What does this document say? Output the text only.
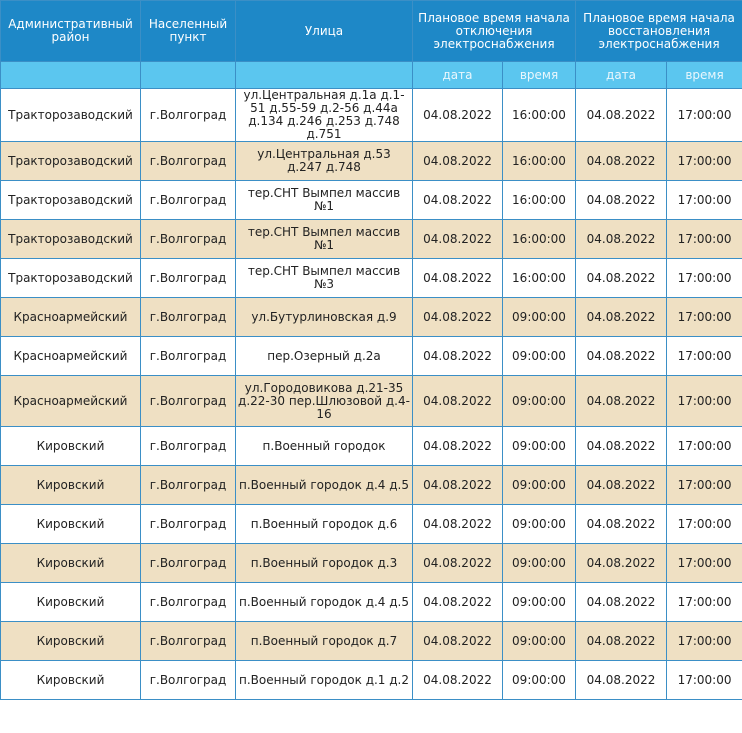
Административный район	Населенный пункт	Улица	Плановое время начала отключения электроснабжения		Плановое время начала восстановления электроснабжения	
			дата	время	дата	время
Тракторозаводский	г.Волгоград	ул.Центральная д.1а д.1-51 д.55-59 д.2-56 д.44а д.134 д.246 д.253 д.748 д.751	04.08.2022	16:00:00	04.08.2022	17:00:00
Тракторозаводский	г.Волгоград	ул.Центральная д.53 д.247 д.748	04.08.2022	16:00:00	04.08.2022	17:00:00
Тракторозаводский	г.Волгоград	тер.СНТ Вымпел массив №1	04.08.2022	16:00:00	04.08.2022	17:00:00
Тракторозаводский	г.Волгоград	тер.СНТ Вымпел массив №1	04.08.2022	16:00:00	04.08.2022	17:00:00
Тракторозаводский	г.Волгоград	тер.СНТ Вымпел массив №3	04.08.2022	16:00:00	04.08.2022	17:00:00
Красноармейский	г.Волгоград	ул.Бутурлиновская д.9	04.08.2022	09:00:00	04.08.2022	17:00:00
Красноармейский	г.Волгоград	пер.Озерный д.2а	04.08.2022	09:00:00	04.08.2022	17:00:00
Красноармейский	г.Волгоград	ул.Городовикова д.21-35 д.22-30 пер.Шлюзовой д.4-16	04.08.2022	09:00:00	04.08.2022	17:00:00
Кировский	г.Волгоград	п.Военный городок	04.08.2022	09:00:00	04.08.2022	17:00:00
Кировский	г.Волгоград	п.Военный городок д.4 д.5	04.08.2022	09:00:00	04.08.2022	17:00:00
Кировский	г.Волгоград	п.Военный городок д.6	04.08.2022	09:00:00	04.08.2022	17:00:00
Кировский	г.Волгоград	п.Военный городок д.3	04.08.2022	09:00:00	04.08.2022	17:00:00
Кировский	г.Волгоград	п.Военный городок д.4 д.5	04.08.2022	09:00:00	04.08.2022	17:00:00
Кировский	г.Волгоград	п.Военный городок д.7	04.08.2022	09:00:00	04.08.2022	17:00:00
Кировский	г.Волгоград	п.Военный городок д.1 д.2	04.08.2022	09:00:00	04.08.2022	17:00:00
